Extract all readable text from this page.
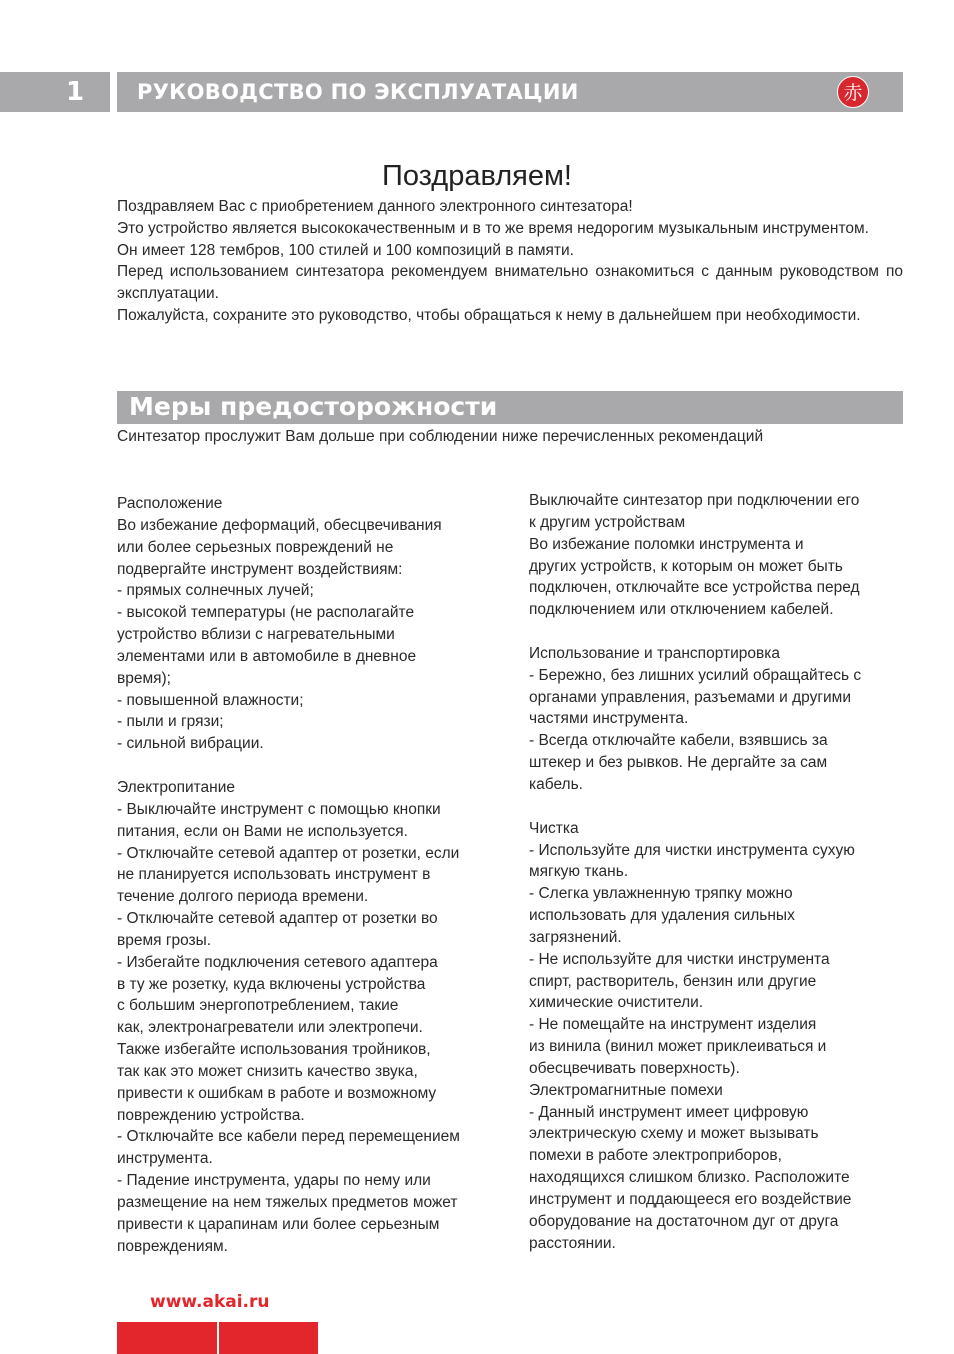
1	РУКОВОДСТВО ПО ЭКСПЛУАТАЦИИ	赤
Поздравляем!

Поздравляем Вас с приобретением данного электронного синтезатора!

Это устройство является высококачественным и в то же время недорогим музыкальным инструментом.

Он имеет 128 тембров, 100 стилей и 100 композиций в памяти.

Перед использованием синтезатора рекомендуем внимательно ознакомиться с данным руководством по эксплуатации.

Пожалуйста, сохраните это руководство, чтобы обращаться к нему в дальнейшем при необходимости.

Меры предосторожности
Синтезатор прослужит Вам дольше при соблюдении ниже перечисленных рекомендаций

Расположение

Во избежание деформаций, обесцвечивания

или более серьезных повреждений не

подвергайте инструмент воздействиям:

- прямых солнечных лучей;

- высокой температуры (не располагайте

устройство вблизи с нагревательными

элементами или в автомобиле в дневное

время);

- повышенной влажности;

- пыли и грязи;

- сильной вибрации.

Электропитание

- Выключайте инструмент с помощью кнопки

питания, если он Вами не используется.

- Отключайте сетевой адаптер от розетки, если

не планируется использовать инструмент в

течение долгого периода времени.

- Отключайте сетевой адаптер от розетки во

время грозы.

- Избегайте подключения сетевого адаптера

в ту же розетку, куда включены устройства

с большим энергопотреблением, такие

как, электронагреватели или электропечи.

Также избегайте использования тройников,

так как это может снизить качество звука,

привести к ошибкам в работе и возможному

повреждению устройства.

- Отключайте все кабели перед перемещением

инструмента.

- Падение инструмента, удары по нему или

размещение на нем тяжелых предметов может

привести к царапинам или более серьезным

повреждениям.

Выключайте синтезатор при подключении его

к другим устройствам

Во избежание поломки инструмента и

других устройств, к которым он может быть

подключен, отключайте все устройства перед

подключением или отключением кабелей.

Использование и транспортировка

- Бережно, без лишних усилий обращайтесь с

органами управления, разъемами и другими

частями инструмента.

- Всегда отключайте кабели, взявшись за

штекер и без рывков. Не дергайте за сам

кабель.

Чистка

- Используйте для чистки инструмента сухую

мягкую ткань.

- Слегка увлажненную тряпку можно

использовать для удаления сильных

загрязнений.

- Не используйте для чистки инструмента

спирт, растворитель, бензин или другие

химические очистители.

- Не помещайте на инструмент изделия

из винила (винил может приклеиваться и

обесцвечивать поверхность).

Электромагнитные помехи

- Данный инструмент имеет цифровую

электрическую схему и может вызывать

помехи в работе электроприборов,

находящихся слишком близко. Расположите

инструмент и поддающееся его воздействие

оборудование на достаточном дуг от друга

расстоянии.

www.akai.ru
